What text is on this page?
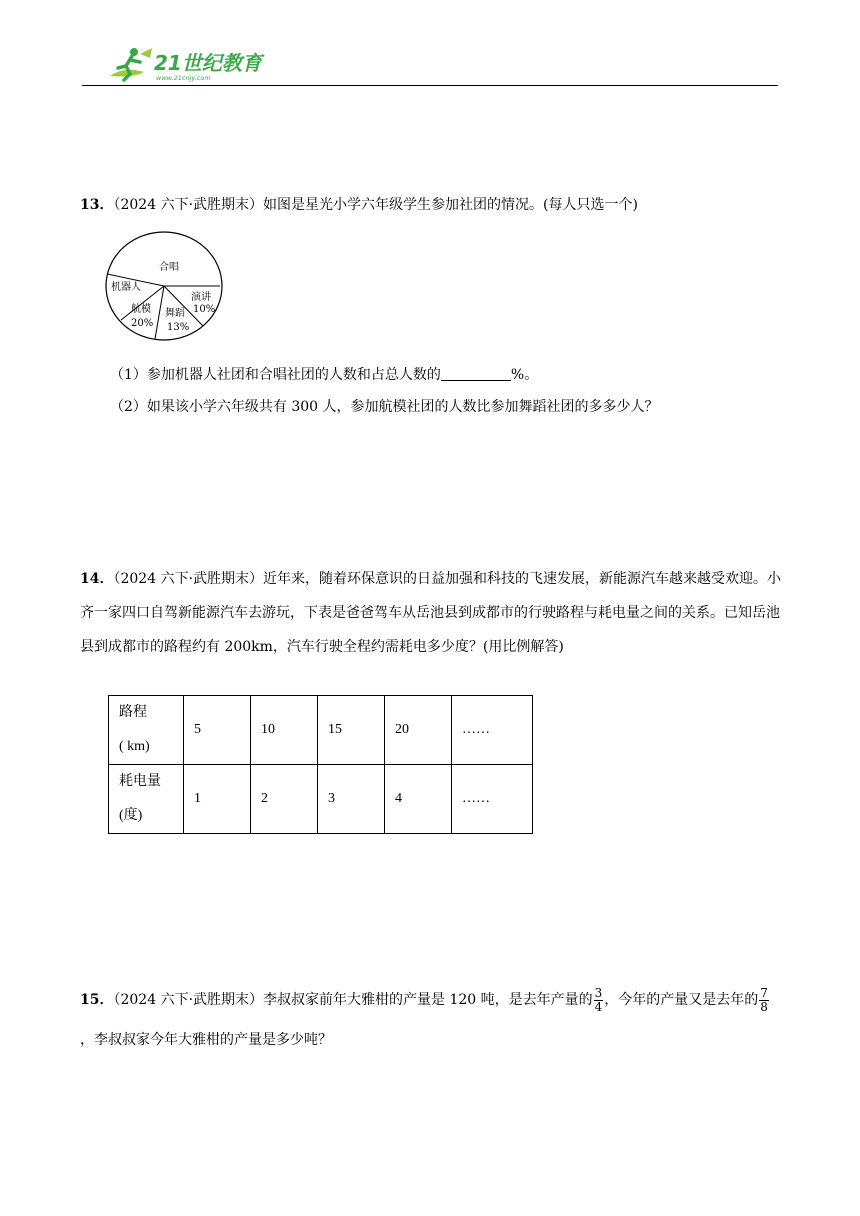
21世纪教育
www.21cnjy.com
13．（2024 六下·武胜期末）如图是星光小学六年级学生参加社团的情况。(每人只选一个)
合唱
机器人
演讲
10%
航模
20%
舞蹈
13%
（1）参加机器人社团和合唱社团的人数和占总人数的	%。
（2）如果该小学六年级共有 300 人，参加航模社团的人数比参加舞蹈社团的多多少人？
14．（2024 六下·武胜期末）近年来，随着环保意识的日益加强和科技的飞速发展，新能源汽车越来越受欢迎。小齐一家四口自驾新能源汽车去游玩，下表是爸爸驾车从岳池县到成都市的行驶路程与耗电量之间的关系。已知岳池县到成都市的路程约有 200km，汽车行驶全程约需耗电多少度？(用比例解答)
路程
( km)	5	10	15	20	……
耗电量
(度)	1	2	3	4	……
15．（2024 六下·武胜期末）李叔叔家前年大雅柑的产量是 120 吨，是去年产量的 $\frac{3}{4}$ ，今年的产量又是去年的 $\frac{7}{8}$
，李叔叔家今年大雅柑的产量是多少吨？
